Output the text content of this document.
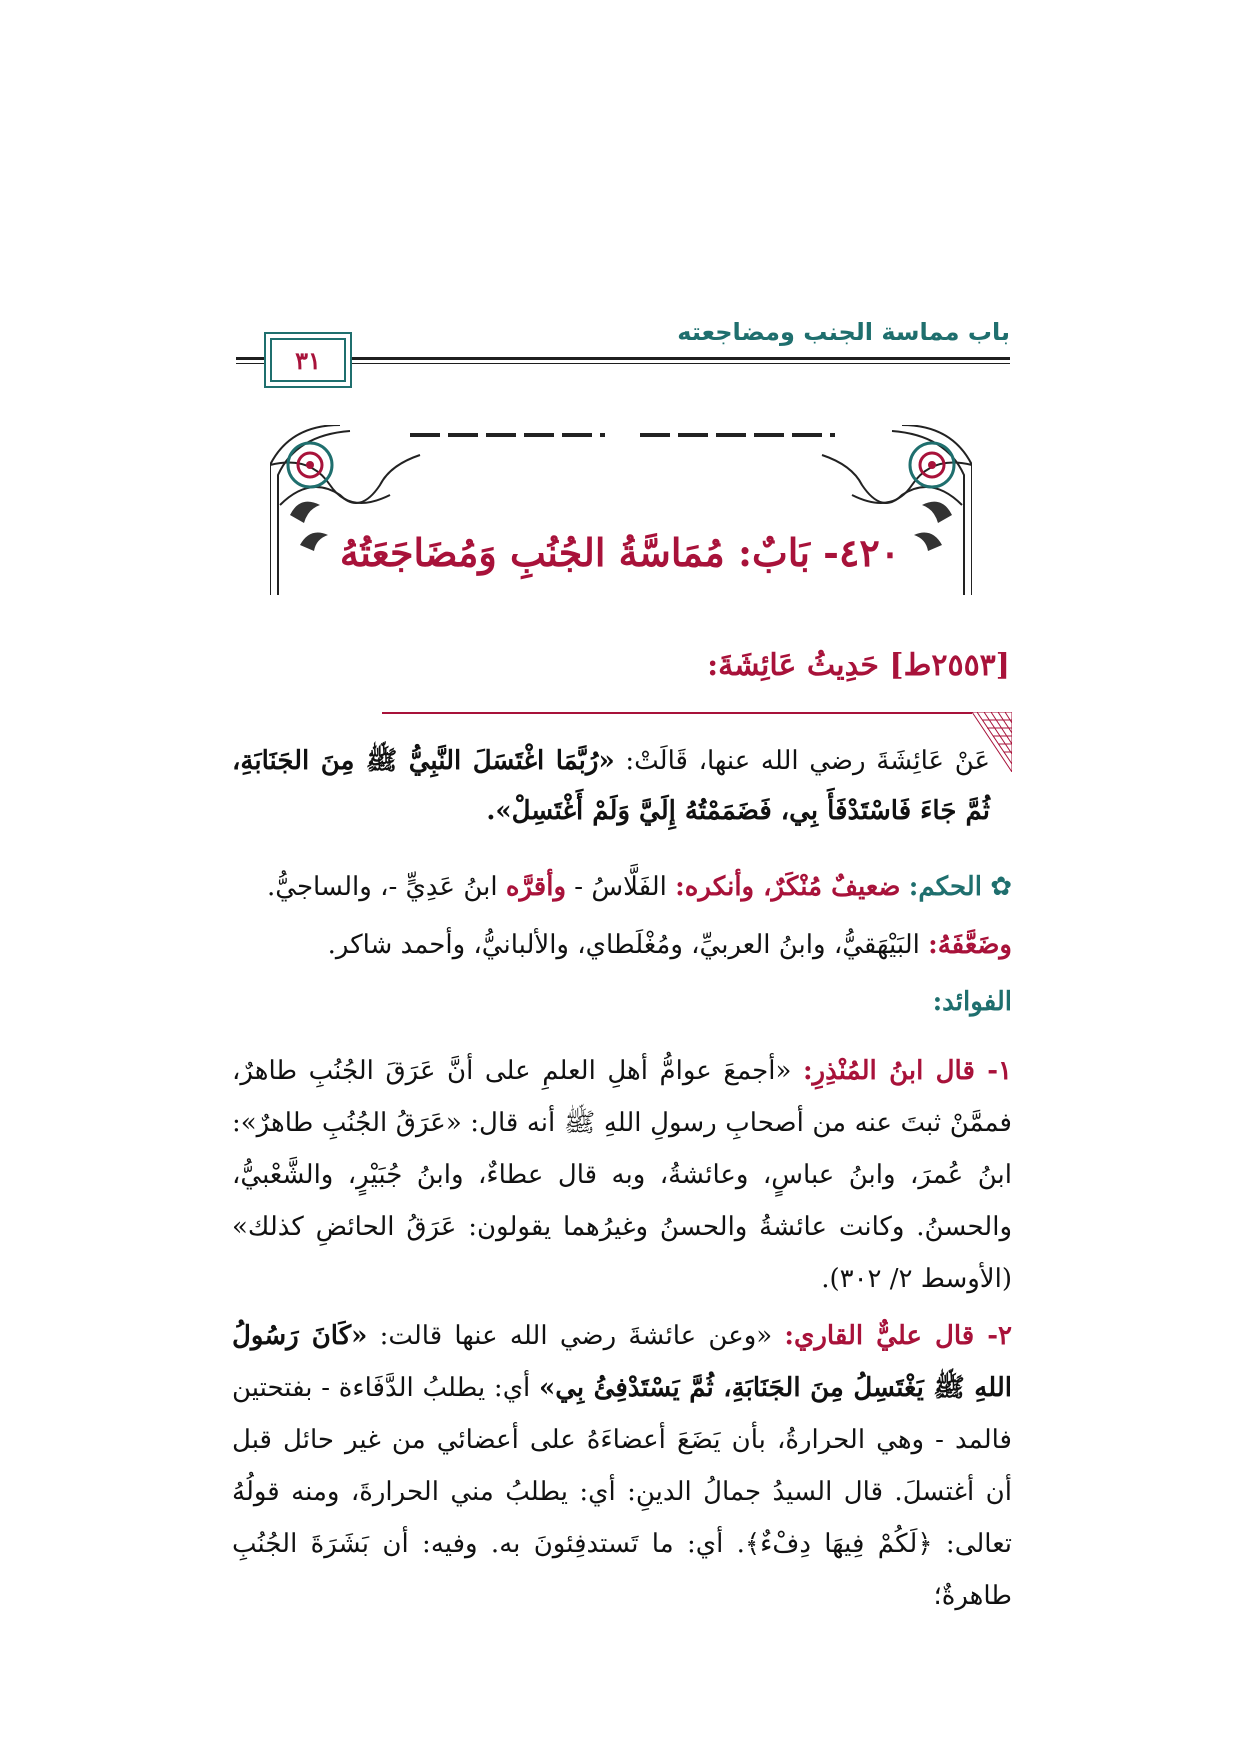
باب مماسة الجنب ومضاجعته
٣١
٤٢٠- بَابٌ: مُمَاسَّةُ الجُنُبِ وَمُضَاجَعَتُهُ
[٢٥٥٣ط] حَدِيثُ عَائِشَةَ:
عَنْ عَائِشَةَ رضي الله عنها، قَالَتْ: «رُبَّمَا اغْتَسَلَ النَّبِيُّ ﷺ مِنَ الجَنَابَةِ، ثُمَّ جَاءَ فَاسْتَدْفَأَ بِي، فَضَمَمْتُهُ إِلَيَّ وَلَمْ أَغْتَسِلْ».
✿ الحكم: ضعيفٌ مُنْكَرٌ، وأنكره: الفَلَّاسُ - وأقرَّه ابنُ عَدِيٍّ -، والساجيُّ.
وضَعَّفَهُ: البَيْهَقيُّ، وابنُ العربيِّ، ومُغْلَطاي، والألبانيُّ، وأحمد شاكر.
الفوائد:
١- قال ابنُ المُنْذِرِ: «أجمعَ عوامُّ أهلِ العلمِ على أنَّ عَرَقَ الجُنُبِ طاهرٌ، فممَّنْ ثبتَ عنه من أصحابِ رسولِ اللهِ ﷺ أنه قال: «عَرَقُ الجُنُبِ طاهرٌ»: ابنُ عُمرَ، وابنُ عباسٍ، وعائشةُ، وبه قال عطاءٌ، وابنُ جُبَيْرٍ، والشَّعْبيُّ، والحسنُ. وكانت عائشةُ والحسنُ وغيرُهما يقولون: عَرَقُ الحائضِ كذلك» (الأوسط ٢/ ٣٠٢).
٢- قال عليٌّ القاري: «وعن عائشةَ رضي الله عنها قالت: «كَانَ رَسُولُ اللهِ ﷺ يَغْتَسِلُ مِنَ الجَنَابَةِ، ثُمَّ يَسْتَدْفِئُ بِي» أي: يطلبُ الدَّفَاءة - بفتحتين فالمد - وهي الحرارةُ، بأن يَضَعَ أعضاءَهُ على أعضائي من غير حائل قبل أن أغتسلَ. قال السيدُ جمالُ الدينِ: أي: يطلبُ مني الحرارةَ، ومنه قولُهُ تعالى: ﴿لَكُمْ فِيهَا دِفْءٌ﴾. أي: ما تَستدفِئونَ به. وفيه: أن بَشَرَةَ الجُنُبِ طاهرةٌ؛
